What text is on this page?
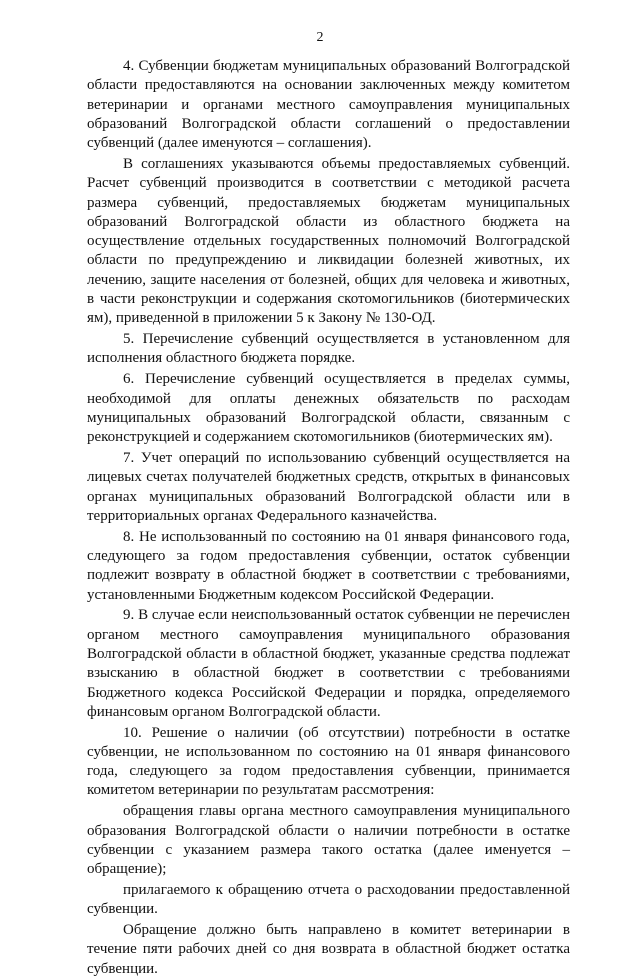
2

4. Субвенции бюджетам муниципальных образований Волгоградской области предоставляются на основании заключенных между комитетом ветеринарии и органами местного самоуправления муниципальных образований Волгоградской области соглашений о предоставлении субвенций (далее именуются – соглашения).

В соглашениях указываются объемы предоставляемых субвенций. Расчет субвенций производится в соответствии с методикой расчета размера субвенций, предоставляемых бюджетам муниципальных образований Волгоградской области из областного бюджета на осуществление отдельных государственных полномочий Волгоградской области по предупреждению и ликвидации болезней животных, их лечению, защите населения от болезней, общих для человека и животных, в части реконструкции и содержания скотомогильников (биотермических ям), приведенной в приложении 5 к Закону № 130-ОД.

5. Перечисление субвенций осуществляется в установленном для исполнения областного бюджета порядке.

6. Перечисление субвенций осуществляется в пределах суммы, необходимой для оплаты денежных обязательств по расходам муниципальных образований Волгоградской области, связанным с реконструкцией и содержанием скотомогильников (биотермических ям).

7. Учет операций по использованию субвенций осуществляется на лицевых счетах получателей бюджетных средств, открытых в финансовых органах муниципальных образований Волгоградской области или в территориальных органах Федерального казначейства.

8. Не использованный по состоянию на 01 января финансового года, следующего за годом предоставления субвенции, остаток субвенции подлежит возврату в областной бюджет в соответствии с требованиями, установленными Бюджетным кодексом Российской Федерации.

9. В случае если неиспользованный остаток субвенции не перечислен органом местного самоуправления муниципального образования Волгоградской области в областной бюджет, указанные средства подлежат взысканию в областной бюджет в соответствии с требованиями Бюджетного кодекса Российской Федерации и порядка, определяемого финансовым органом Волгоградской области.

10. Решение о наличии (об отсутствии) потребности в остатке субвенции, не использованном по состоянию на 01 января финансового года, следующего за годом предоставления субвенции, принимается комитетом ветеринарии по результатам рассмотрения:

обращения главы органа местного самоуправления муниципального образования Волгоградской области о наличии потребности в остатке субвенции с указанием размера такого остатка (далее именуется – обращение);

прилагаемого к обращению отчета о расходовании предоставленной субвенции.

Обращение должно быть направлено в комитет ветеринарии в течение пяти рабочих дней со дня возврата в областной бюджет остатка субвенции.
